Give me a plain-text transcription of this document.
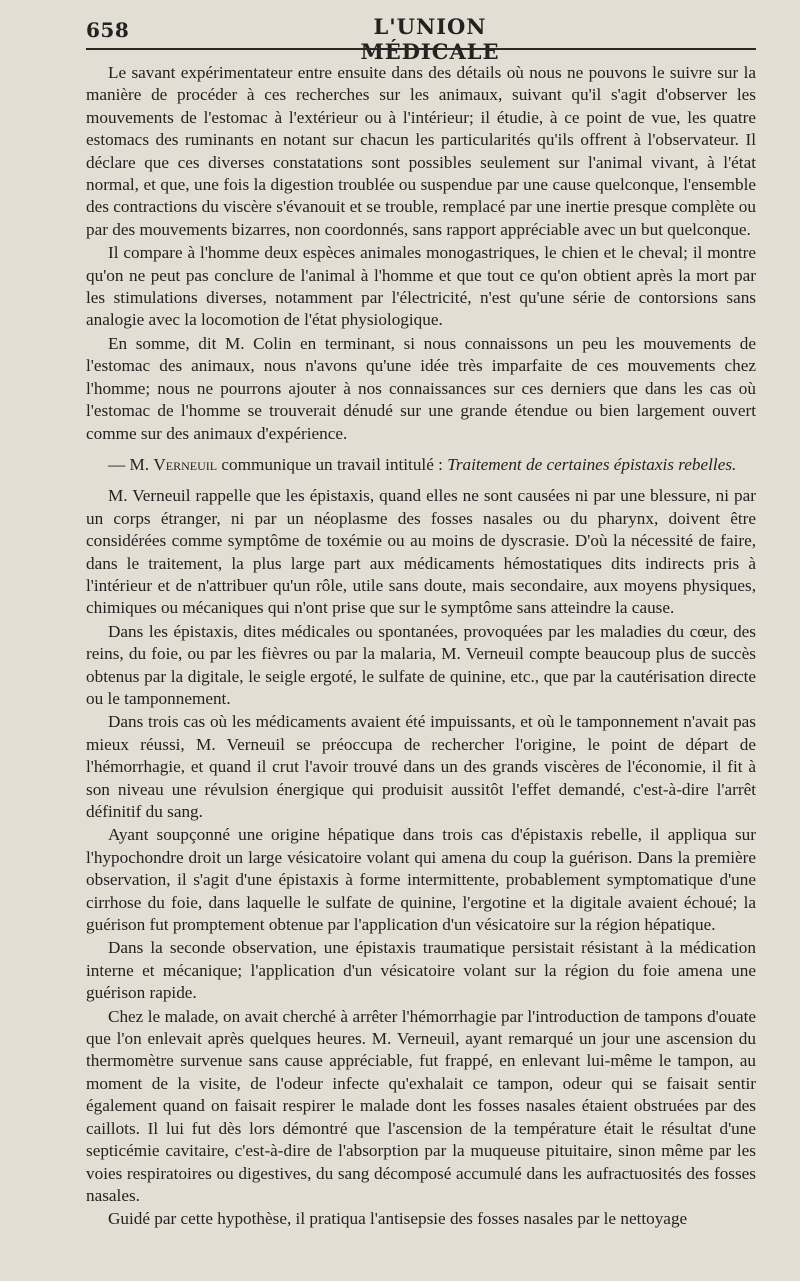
658	L'UNION MÉDICALE

Le savant expérimentateur entre ensuite dans des détails où nous ne pouvons le suivre sur la manière de procéder à ces recherches sur les animaux, suivant qu'il s'agit d'observer les mouvements de l'estomac à l'extérieur ou à l'intérieur; il étudie, à ce point de vue, les quatre estomacs des ruminants en notant sur chacun les particularités qu'ils offrent à l'observateur. Il déclare que ces diverses constatations sont possibles seulement sur l'animal vivant, à l'état normal, et que, une fois la digestion troublée ou suspendue par une cause quelconque, l'ensemble des contractions du viscère s'évanouit et se trouble, remplacé par une inertie presque complète ou par des mouvements bizarres, non coordonnés, sans rapport appréciable avec un but quelconque.

Il compare à l'homme deux espèces animales monogastriques, le chien et le cheval; il montre qu'on ne peut pas conclure de l'animal à l'homme et que tout ce qu'on obtient après la mort par les stimulations diverses, notamment par l'électricité, n'est qu'une série de contorsions sans analogie avec la locomotion de l'état physiologique.

En somme, dit M. Colin en terminant, si nous connaissons un peu les mouvements de l'estomac des animaux, nous n'avons qu'une idée très imparfaite de ces mouvements chez l'homme; nous ne pourrons ajouter à nos connaissances sur ces derniers que dans les cas où l'estomac de l'homme se trouverait dénudé sur une grande étendue ou bien largement ouvert comme sur des animaux d'expérience.

— M. Verneuil communique un travail intitulé : Traitement de certaines épistaxis rebelles.

M. Verneuil rappelle que les épistaxis, quand elles ne sont causées ni par une blessure, ni par un corps étranger, ni par un néoplasme des fosses nasales ou du pharynx, doivent être considérées comme symptôme de toxémie ou au moins de dyscrasie. D'où la nécessité de faire, dans le traitement, la plus large part aux médicaments hémostatiques dits indirects pris à l'intérieur et de n'attribuer qu'un rôle, utile sans doute, mais secondaire, aux moyens physiques, chimiques ou mécaniques qui n'ont prise que sur le symptôme sans atteindre la cause.

Dans les épistaxis, dites médicales ou spontanées, provoquées par les maladies du cœur, des reins, du foie, ou par les fièvres ou par la malaria, M. Verneuil compte beaucoup plus de succès obtenus par la digitale, le seigle ergoté, le sulfate de quinine, etc., que par la cautérisation directe ou le tamponnement.

Dans trois cas où les médicaments avaient été impuissants, et où le tamponnement n'avait pas mieux réussi, M. Verneuil se préoccupa de rechercher l'origine, le point de départ de l'hémorrhagie, et quand il crut l'avoir trouvé dans un des grands viscères de l'économie, il fit à son niveau une révulsion énergique qui produisit aussitôt l'effet demandé, c'est-à-dire l'arrêt définitif du sang.

Ayant soupçonné une origine hépatique dans trois cas d'épistaxis rebelle, il appliqua sur l'hypochondre droit un large vésicatoire volant qui amena du coup la guérison. Dans la première observation, il s'agit d'une épistaxis à forme intermittente, probablement symptomatique d'une cirrhose du foie, dans laquelle le sulfate de quinine, l'ergotine et la digitale avaient échoué; la guérison fut promptement obtenue par l'application d'un vésicatoire sur la région hépatique.

Dans la seconde observation, une épistaxis traumatique persistait résistant à la médication interne et mécanique; l'application d'un vésicatoire volant sur la région du foie amena une guérison rapide.

Chez le malade, on avait cherché à arrêter l'hémorrhagie par l'introduction de tampons d'ouate que l'on enlevait après quelques heures. M. Verneuil, ayant remarqué un jour une ascension du thermomètre survenue sans cause appréciable, fut frappé, en enlevant lui-même le tampon, au moment de la visite, de l'odeur infecte qu'exhalait ce tampon, odeur qui se faisait sentir également quand on faisait respirer le malade dont les fosses nasales étaient obstruées par des caillots. Il lui fut dès lors démontré que l'ascension de la température était le résultat d'une septicémie cavitaire, c'est-à-dire de l'absorption par la muqueuse pituitaire, sinon même par les voies respiratoires ou digestives, du sang décomposé accumulé dans les aufractuosités des fosses nasales.

Guidé par cette hypothèse, il pratiqua l'antisepsie des fosses nasales par le nettoyage
